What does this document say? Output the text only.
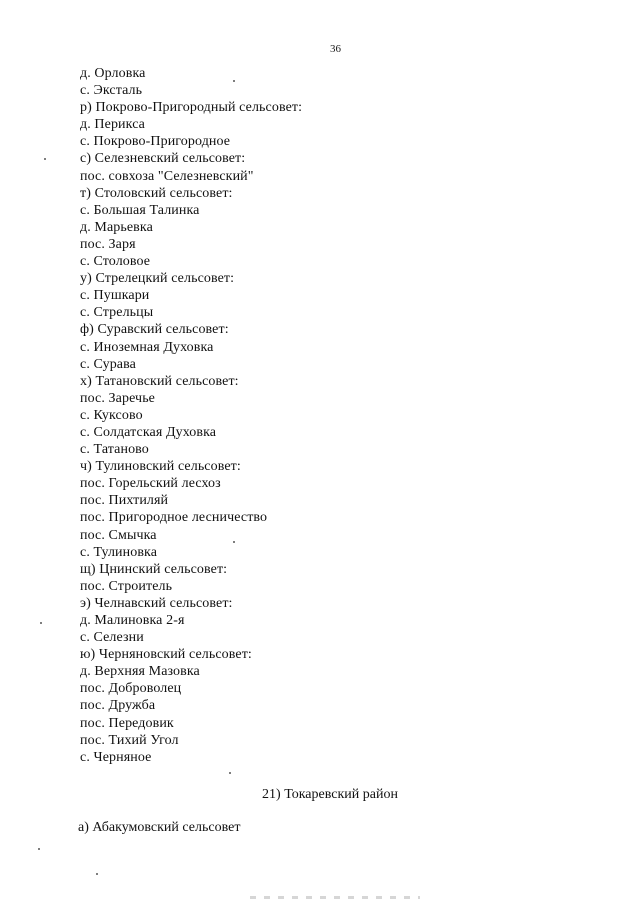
36
д. Орловка
с. Эксталь
р) Покрово-Пригородный сельсовет:
д. Перикса
с. Покрово-Пригородное
с) Селезневский сельсовет:
пос. совхоза "Селезневский"
т) Столовский сельсовет:
с. Большая Талинка
д. Марьевка
пос. Заря
с. Столовое
у) Стрелецкий сельсовет:
с. Пушкари
с. Стрельцы
ф) Суравский сельсовет:
с. Иноземная Духовка
с. Сурава
х) Татановский сельсовет:
пос. Заречье
с. Куксово
с. Солдатская Духовка
с. Татаново
ч) Тулиновский сельсовет:
пос. Горельский лесхоз
пос. Пихтиляй
пос. Пригородное лесничество
пос. Смычка
с. Тулиновка
щ) Цнинский сельсовет:
пос. Строитель
э) Челнавский сельсовет:
д. Малиновка 2-я
с. Селезни
ю) Черняновский сельсовет:
д. Верхняя Мазовка
пос. Доброволец
пос. Дружба
пос. Передовик
пос. Тихий Угол
с. Черняное
21) Токаревский район
а) Абакумовский сельсовет
